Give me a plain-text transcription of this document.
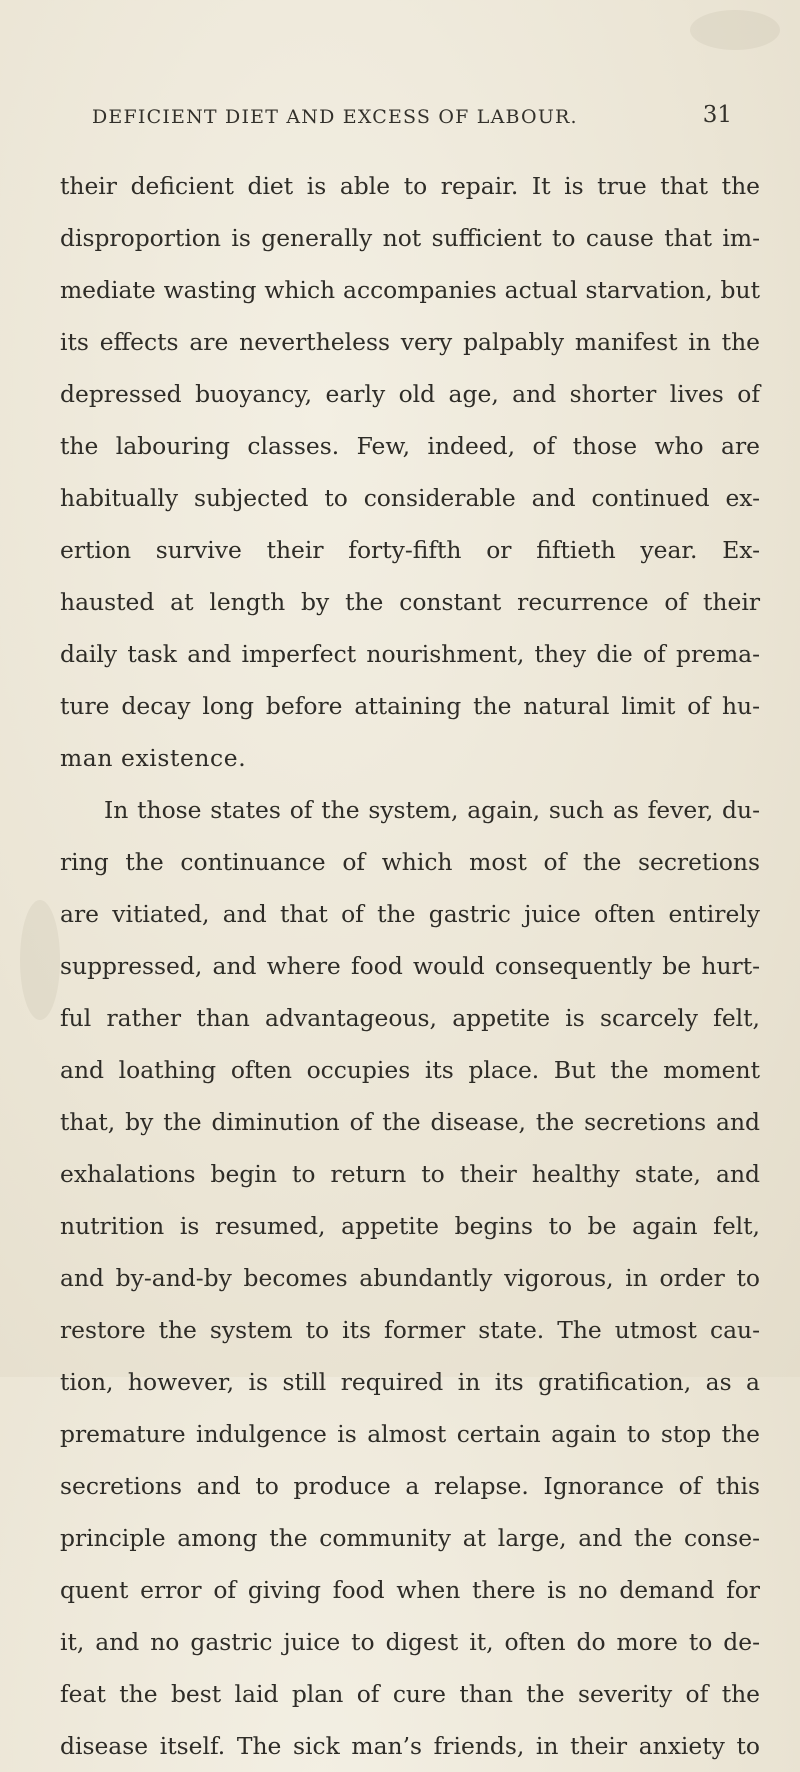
DEFICIENT DIET AND EXCESS OF LABOUR.	31
their deficient diet is able to repair. It is true that the
disproportion is generally not sufficient to cause that im-
mediate wasting which accompanies actual starvation, but
its effects are nevertheless very palpably manifest in the
depressed buoyancy, early old age, and shorter lives of
the labouring classes. Few, indeed, of those who are
habitually subjected to considerable and continued ex-
ertion survive their forty-fifth or fiftieth year. Ex-
hausted at length by the constant recurrence of their
daily task and imperfect nourishment, they die of prema-
ture decay long before attaining the natural limit of hu-
man existence.
In those states of the system, again, such as fever, du-
ring the continuance of which most of the secretions
are vitiated, and that of the gastric juice often entirely
suppressed, and where food would consequently be hurt-
ful rather than advantageous, appetite is scarcely felt,
and loathing often occupies its place. But the moment
that, by the diminution of the disease, the secretions and
exhalations begin to return to their healthy state, and
nutrition is resumed, appetite begins to be again felt,
and by-and-by becomes abundantly vigorous, in order to
restore the system to its former state. The utmost cau-
tion, however, is still required in its gratification, as a
premature indulgence is almost certain again to stop the
secretions and to produce a relapse. Ignorance of this
principle among the community at large, and the conse-
quent error of giving food when there is no demand for
it, and no gastric juice to digest it, often do more to de-
feat the best laid plan of cure than the severity of the
disease itself. The sick man’s friends, in their anxiety to
